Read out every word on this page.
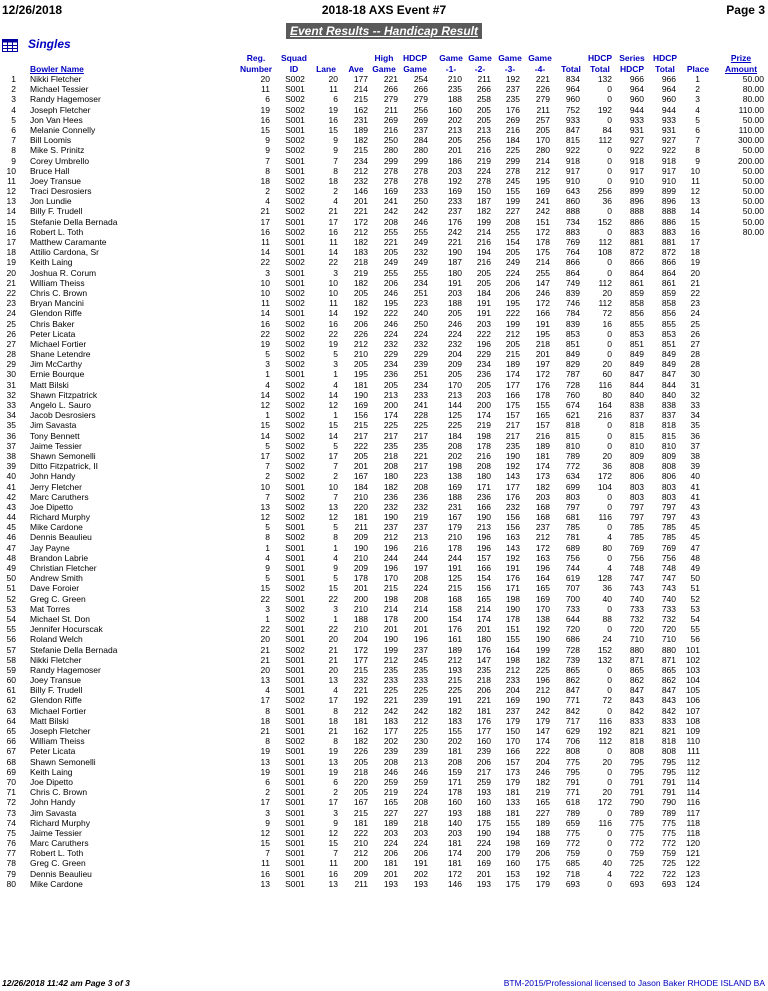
12/26/2018	2018-18 AXS Event #7	Page 3
Event Results -- Handicap Result
Singles
Bowler Name
Reg.
Number
Squad
ID	Lane	Ave
High
Game
HDCP
Game
Game
-1-
Game
-2-
Game
-3-
Game
-4-	Total
HDCP
Total
Series
HDCP
HDCP
Total	Place
Prize
Amount
1 Nikki Fletcher	20	S002	20	177	221	254	210	211	192	221	834	132	966	966	1	50.00
2 Michael Tessier	11	S001	11	214	266	266	235	266	237	226	964	0	964	964	2	80.00
3 Randy Hagemoser	6	S002	6	215	279	279	188	258	235	279	960	0	960	960	3	80.00
4 Joseph Fletcher	19	S002	19	162	211	256	160	205	176	211	752	192	944	944	4	110.00
5 Jon Van Hees	16	S001	16	231	269	269	202	205	269	257	933	0	933	933	5	50.00
6 Melanie Connelly	15	S001	15	189	216	237	213	213	216	205	847	84	931	931	6	110.00
7 Bill Loomis	9	S002	9	182	250	284	205	256	184	170	815	112	927	927	7	300.00
8 Mike S. Prinitz	9	S002	9	215	280	280	201	216	225	280	922	0	922	922	8	50.00
9 Corey Umbrello	7	S001	7	234	299	299	186	219	299	214	918	0	918	918	9	200.00
10 Bruce Hall	8	S001	8	212	278	278	203	224	278	212	917	0	917	917	10	50.00
11 Joey Transue	18	S002	18	232	278	278	192	278	245	195	910	0	910	910	11	50.00
12 Traci Desrosiers	2	S002	2	146	169	233	169	150	155	169	643	256	899	899	12	50.00
13 Jon Lundie	4	S002	4	201	241	250	233	187	199	241	860	36	896	896	13	50.00
14 Billy F. Trudell	21	S002	21	221	242	242	237	182	227	242	888	0	888	888	14	50.00
15 Stefanie Della Bernada	17	S001	17	172	208	246	176	199	208	151	734	152	886	886	15	50.00
16 Robert L. Toth	16	S002	16	212	255	255	242	214	255	172	883	0	883	883	16	80.00
17 Matthew Caramante	11	S001	11	182	221	249	221	216	154	178	769	112	881	881	17
18 Attilio Cardona, Sr	14	S001	14	183	205	232	190	194	205	175	764	108	872	872	18
19 Keith Laing	22	S002	22	218	249	249	187	216	249	214	866	0	866	866	19
20 Joshua R. Corum	3	S001	3	219	255	255	180	205	224	255	864	0	864	864	20
21 William Theiss	10	S001	10	182	206	234	191	205	206	147	749	112	861	861	21
22 Chris C. Brown	10	S002	10	205	246	251	203	184	206	246	839	20	859	859	22
23 Bryan Mancini	11	S002	11	182	195	223	188	191	195	172	746	112	858	858	23
24 Glendon Riffe	14	S001	14	192	222	240	205	191	222	166	784	72	856	856	24
25 Chris Baker	16	S002	16	206	246	250	246	203	199	191	839	16	855	855	25
26 Peter Licata	22	S002	22	226	224	224	224	222	212	195	853	0	853	853	26
27 Michael Fortier	19	S002	19	212	232	232	232	196	205	218	851	0	851	851	27
28 Shane Letendre	5	S002	5	210	229	229	204	229	215	201	849	0	849	849	28
29 Jim McCarthy	3	S002	3	205	234	239	209	234	189	197	829	20	849	849	28
30 Ernie Bourque	1	S001	1	195	236	251	205	236	174	172	787	60	847	847	30
31 Matt Bilski	4	S002	4	181	205	234	170	205	177	176	728	116	844	844	31
32 Shawn Fitzpatrick	14	S002	14	190	213	233	213	203	166	178	760	80	840	840	32
33 Angelo L. Sauro	12	S002	12	169	200	241	144	200	175	155	674	164	838	838	33
34 Jacob Desrosiers	1	S002	1	156	174	228	125	174	157	165	621	216	837	837	34
35 Jim Savasta	15	S002	15	215	225	225	225	219	217	157	818	0	818	818	35
36 Tony Bennett	14	S002	14	217	217	217	184	198	217	216	815	0	815	815	36
37 Jaime Tessier	5	S002	5	222	235	235	208	178	235	189	810	0	810	810	37
38 Shawn Semonelli	17	S002	17	205	218	221	202	216	190	181	789	20	809	809	38
39 Ditto Fitzpatrick, II	7	S002	7	201	208	217	198	208	192	174	772	36	808	808	39
40 John Handy	2	S002	2	167	180	223	138	180	143	173	634	172	806	806	40
41 Jerry Fletcher	10	S001	10	184	182	208	169	171	177	182	699	104	803	803	41
42 Marc Caruthers	7	S002	7	210	236	236	188	236	176	203	803	0	803	803	41
43 Joe Dipetto	13	S002	13	220	232	232	231	166	232	168	797	0	797	797	43
44 Richard Murphy	12	S002	12	181	190	219	167	190	156	168	681	116	797	797	43
45 Mike Cardone	5	S001	5	211	237	237	179	213	156	237	785	0	785	785	45
46 Dennis Beaulieu	8	S002	8	209	212	213	210	196	163	212	781	4	785	785	45
47 Jay Payne	1	S001	1	190	196	216	178	196	143	172	689	80	769	769	47
48 Brandon Labrie	4	S001	4	210	244	244	244	157	192	163	756	0	756	756	48
49 Christian Fletcher	9	S001	9	209	196	197	191	166	191	196	744	4	748	748	49
50 Andrew Smith	5	S001	5	178	170	208	125	154	176	164	619	128	747	747	50
51 Dave Foroier	15	S002	15	201	215	224	215	156	171	165	707	36	743	743	51
52 Greg C. Green	22	S001	22	200	198	208	168	165	198	169	700	40	740	740	52
53 Mat Torres	3	S002	3	210	214	214	158	214	190	170	733	0	733	733	53
54 Michael St. Don	1	S002	1	188	178	200	154	174	178	138	644	88	732	732	54
55 Jennifer Hocurscak	22	S001	22	210	201	201	176	201	151	192	720	0	720	720	55
56 Roland Welch	20	S001	20	204	190	196	161	180	155	190	686	24	710	710	56
57 Stefanie Della Bernada	21	S002	21	172	199	237	189	176	164	199	728	152	880	880	101
58 Nikki Fletcher	21	S001	21	177	212	245	212	147	198	182	739	132	871	871	102
59 Randy Hagemoser	20	S001	20	215	235	235	193	235	212	225	865	0	865	865	103
60 Joey Transue	13	S001	13	232	233	233	215	218	233	196	862	0	862	862	104
61 Billy F. Trudell	4	S001	4	221	225	225	225	206	204	212	847	0	847	847	105
62 Glendon Riffe	17	S002	17	192	221	239	191	221	169	190	771	72	843	843	106
63 Michael Fortier	8	S001	8	212	242	242	182	181	237	242	842	0	842	842	107
64 Matt Bilski	18	S001	18	181	183	212	183	176	179	179	717	116	833	833	108
65 Joseph Fletcher	21	S001	21	162	177	225	155	177	150	147	629	192	821	821	109
66 William Theiss	8	S002	8	182	202	230	202	160	170	174	706	112	818	818	110
67 Peter Licata	19	S001	19	226	239	239	181	239	166	222	808	0	808	808	111
68 Shawn Semonelli	13	S001	13	205	208	213	208	206	157	204	775	20	795	795	112
69 Keith Laing	19	S001	19	218	246	246	159	217	173	246	795	0	795	795	112
70 Joe Dipetto	6	S001	6	220	259	259	171	259	179	182	791	0	791	791	114
71 Chris C. Brown	2	S001	2	205	219	224	178	193	181	219	771	20	791	791	114
72 John Handy	17	S001	17	167	165	208	160	160	133	165	618	172	790	790	116
73 Jim Savasta	3	S001	3	215	227	227	193	188	181	227	789	0	789	789	117
74 Richard Murphy	9	S001	9	181	189	218	140	175	155	189	659	116	775	775	118
75 Jaime Tessier	12	S001	12	222	203	203	203	190	194	188	775	0	775	775	118
76 Marc Caruthers	15	S001	15	210	224	224	181	224	198	169	772	0	772	772	120
77 Robert L. Toth	7	S001	7	212	206	206	174	200	179	206	759	0	759	759	121
78 Greg C. Green	11	S001	11	200	181	191	181	169	160	175	685	40	725	725	122
79 Dennis Beaulieu	16	S001	16	209	201	202	172	201	153	192	718	4	722	722	123
80 Mike Cardone	13	S001	13	211	193	193	146	193	175	179	693	0	693	693	124
12/26/2018 11:42 am Page 3 of 3	BTM-2015/Professional licensed to Jason Baker RHODE ISLAND BA
